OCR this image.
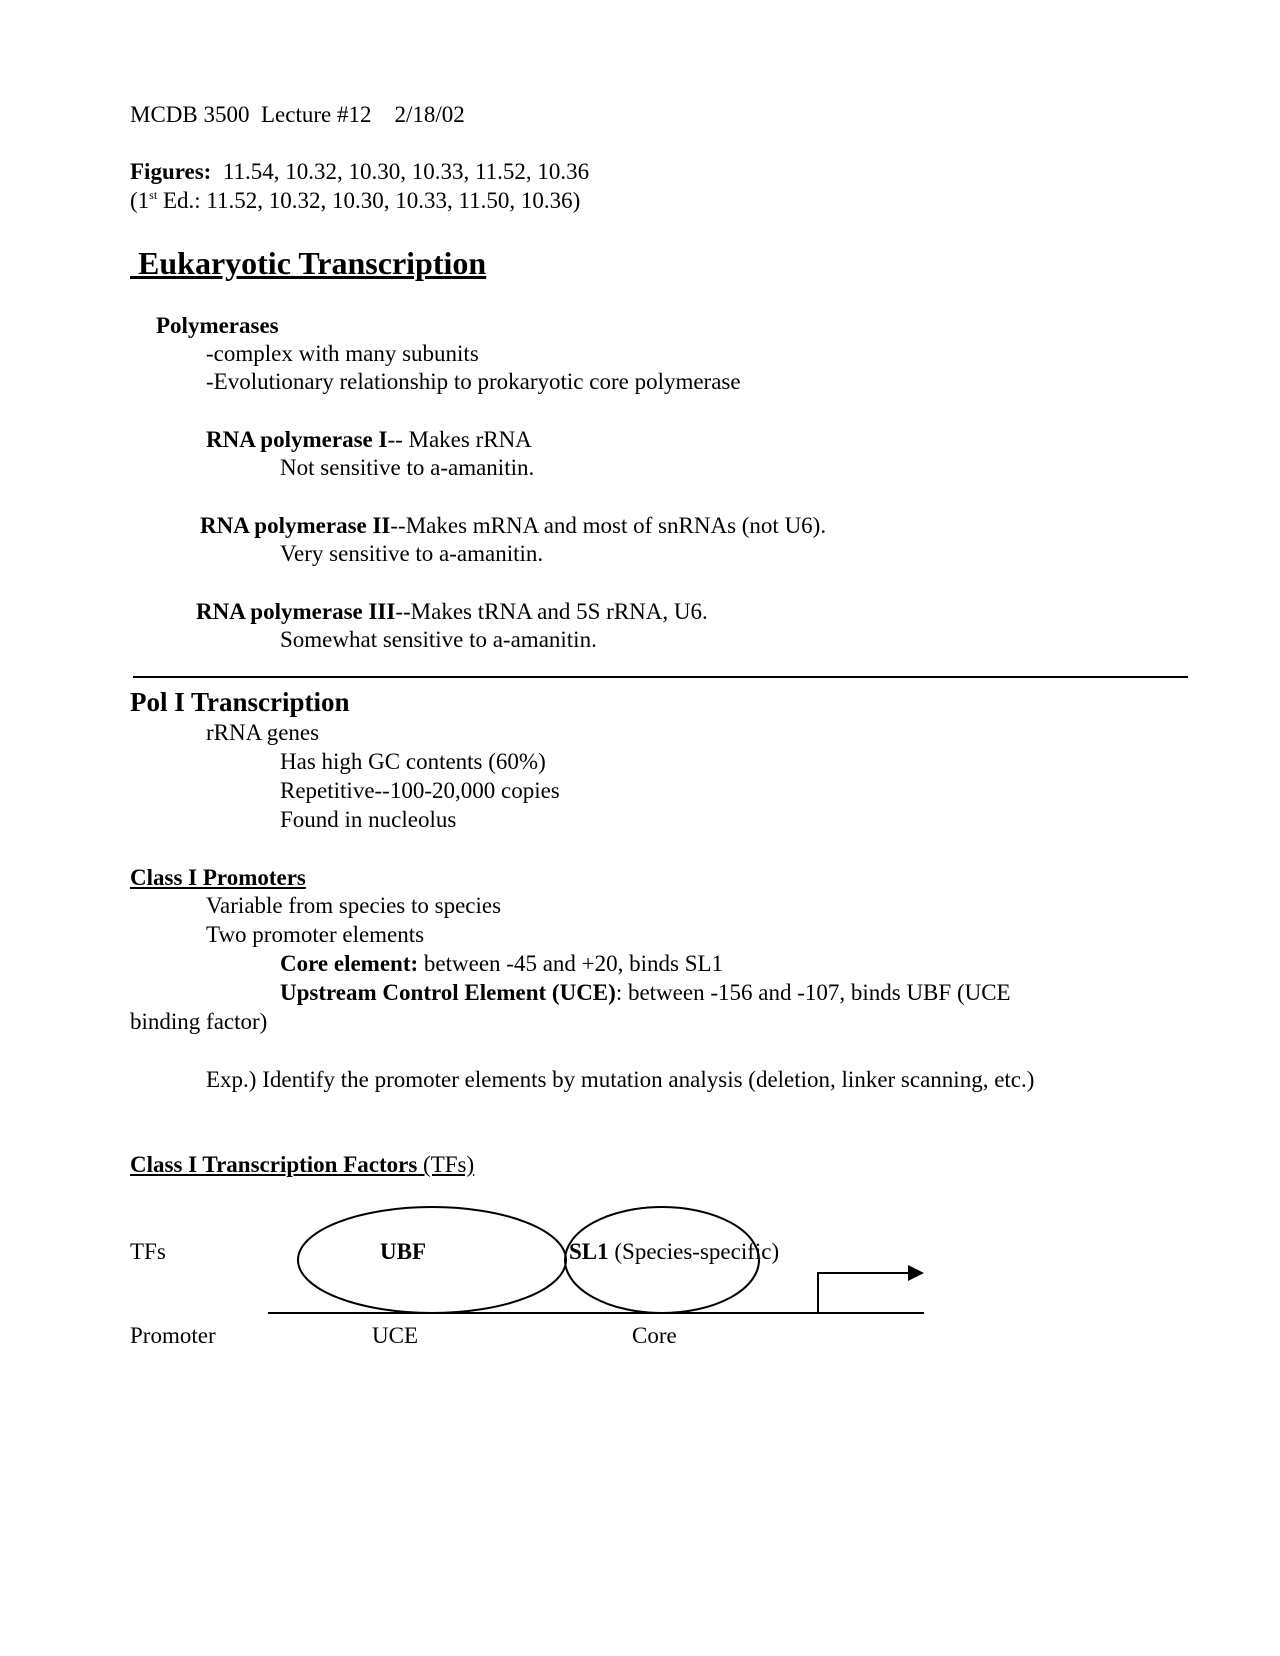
MCDB 3500 Lecture #12 2/18/02
Figures: 11.54, 10.32, 10.30, 10.33, 11.52, 10.36
(1st Ed.: 11.52, 10.32, 10.30, 10.33, 11.50, 10.36)
Eukaryotic Transcription
Polymerases
-complex with many subunits
-Evolutionary relationship to prokaryotic core polymerase
RNA polymerase I-- Makes rRNA
Not sensitive to a-amanitin.
RNA polymerase II--Makes mRNA and most of snRNAs (not U6).
Very sensitive to a-amanitin.
RNA polymerase III--Makes tRNA and 5S rRNA, U6.
Somewhat sensitive to a-amanitin.
Pol I Transcription
rRNA genes
Has high GC contents (60%)
Repetitive--100-20,000 copies
Found in nucleolus
Class I Promoters
Variable from species to species
Two promoter elements
Core element: between -45 and +20, binds SL1
Upstream Control Element (UCE): between -156 and -107, binds UBF (UCE
binding factor)
Exp.) Identify the promoter elements by mutation analysis (deletion, linker scanning, etc.)
Class I Transcription Factors (TFs)
TFs	UBF	SL1 (Species-specific)
Promoter	UCE	Core
